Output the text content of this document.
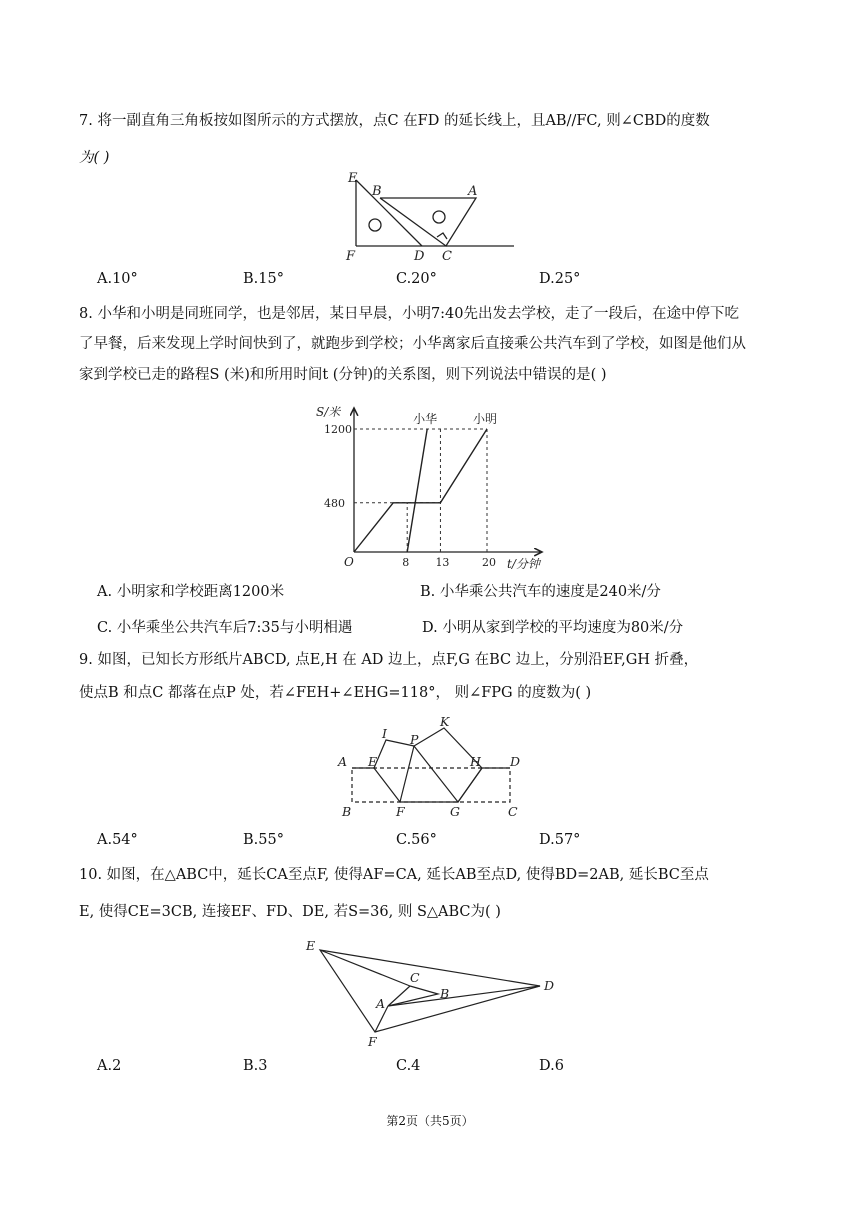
7. 将一副直角三角板按如图所示的方式摆放，点C 在FD 的延长线上，且AB//FC, 则∠CBD的度数
为( )
E
B	A
F	D C
A.10°	B.15°	C.20°	D.25°
8. 小华和小明是同班同学，也是邻居，某日早晨，小明7:40先出发去学校，走了一段后，在途中停下吃
了早餐，后来发现上学时间快到了，就跑步到学校；小华离家后直接乘公共汽车到了学校，如图是他们从
家到学校已走的路程S (米)和所用时间t (分钟)的关系图，则下列说法中错误的是( )
S/米
t/分钟
O
480
1200
8 13	20
小明
小华
A. 小明家和学校距离1200米	B. 小华乘公共汽车的速度是240米/分
C. 小华乘坐公共汽车后7:35与小明相遇	D. 小明从家到学校的平均速度为80米/分
9. 如图，已知长方形纸片ABCD, 点E,H 在 AD 边上，点F,G 在BC 边上，分别沿EF,GH 折叠，
使点B 和点C 都落在点P 处，若∠FEH+∠EHG=118°， 则∠FPG 的度数为( )
A E
I P
K
H D
B	F	G	C
A.54°	B.55°	C.56°	D.57°
10. 如图，在△ABC中，延长CA至点F, 使得AF=CA, 延长AB至点D, 使得BD=2AB, 延长BC至点
E, 使得CE=3CB, 连接EF、FD、DE, 若S=36, 则 S△ABC为( )
E
C
A
B
D
F
A.2	B.3	C.4	D.6
第2页（共5页）
